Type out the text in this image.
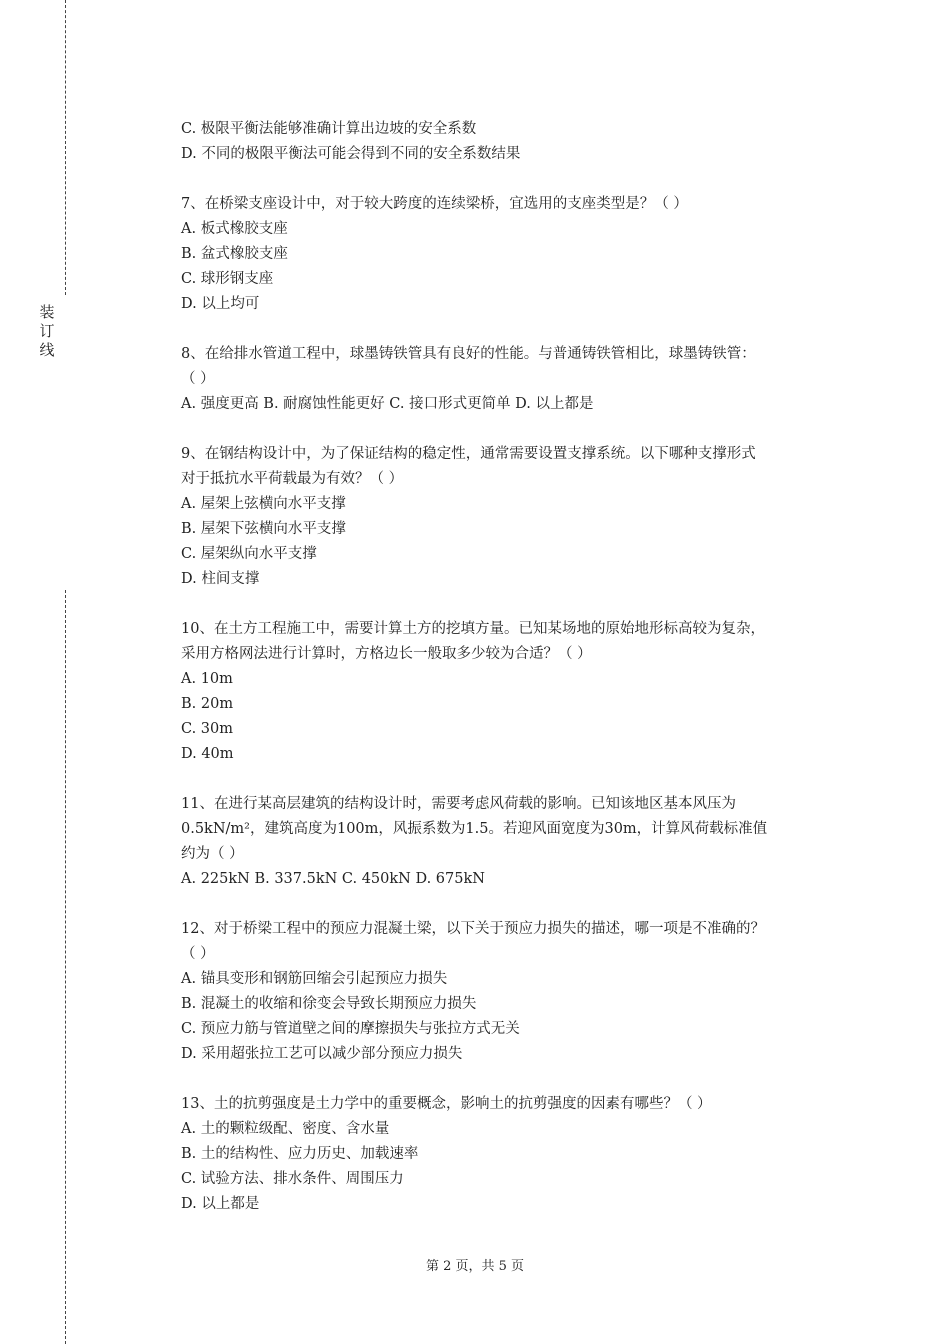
装
订
线
C. 极限平衡法能够准确计算出边坡的安全系数
D. 不同的极限平衡法可能会得到不同的安全系数结果
7、在桥梁支座设计中，对于较大跨度的连续梁桥，宜选用的支座类型是？（ ）
A. 板式橡胶支座
B. 盆式橡胶支座
C. 球形钢支座
D. 以上均可
8、在给排水管道工程中，球墨铸铁管具有良好的性能。与普通铸铁管相比，球墨铸铁管：
（ ）
A. 强度更高 B. 耐腐蚀性能更好 C. 接口形式更简单 D. 以上都是
9、在钢结构设计中，为了保证结构的稳定性，通常需要设置支撑系统。以下哪种支撑形式
对于抵抗水平荷载最为有效？（ ）
A. 屋架上弦横向水平支撑
B. 屋架下弦横向水平支撑
C. 屋架纵向水平支撑
D. 柱间支撑
10、在土方工程施工中，需要计算土方的挖填方量。已知某场地的原始地形标高较为复杂，
采用方格网法进行计算时，方格边长一般取多少较为合适？（ ）
A. 10m
B. 20m
C. 30m
D. 40m
11、在进行某高层建筑的结构设计时，需要考虑风荷载的影响。已知该地区基本风压为
0.5kN/m²，建筑高度为100m，风振系数为1.5。若迎风面宽度为30m，计算风荷载标准值
约为（ ）
A. 225kN B. 337.5kN C. 450kN D. 675kN
12、对于桥梁工程中的预应力混凝土梁，以下关于预应力损失的描述，哪一项是不准确的？
（ ）
A. 锚具变形和钢筋回缩会引起预应力损失
B. 混凝土的收缩和徐变会导致长期预应力损失
C. 预应力筋与管道壁之间的摩擦损失与张拉方式无关
D. 采用超张拉工艺可以减少部分预应力损失
13、土的抗剪强度是土力学中的重要概念，影响土的抗剪强度的因素有哪些？（ ）
A. 土的颗粒级配、密度、含水量
B. 土的结构性、应力历史、加载速率
C. 试验方法、排水条件、周围压力
D. 以上都是
第 2 页，共 5 页
